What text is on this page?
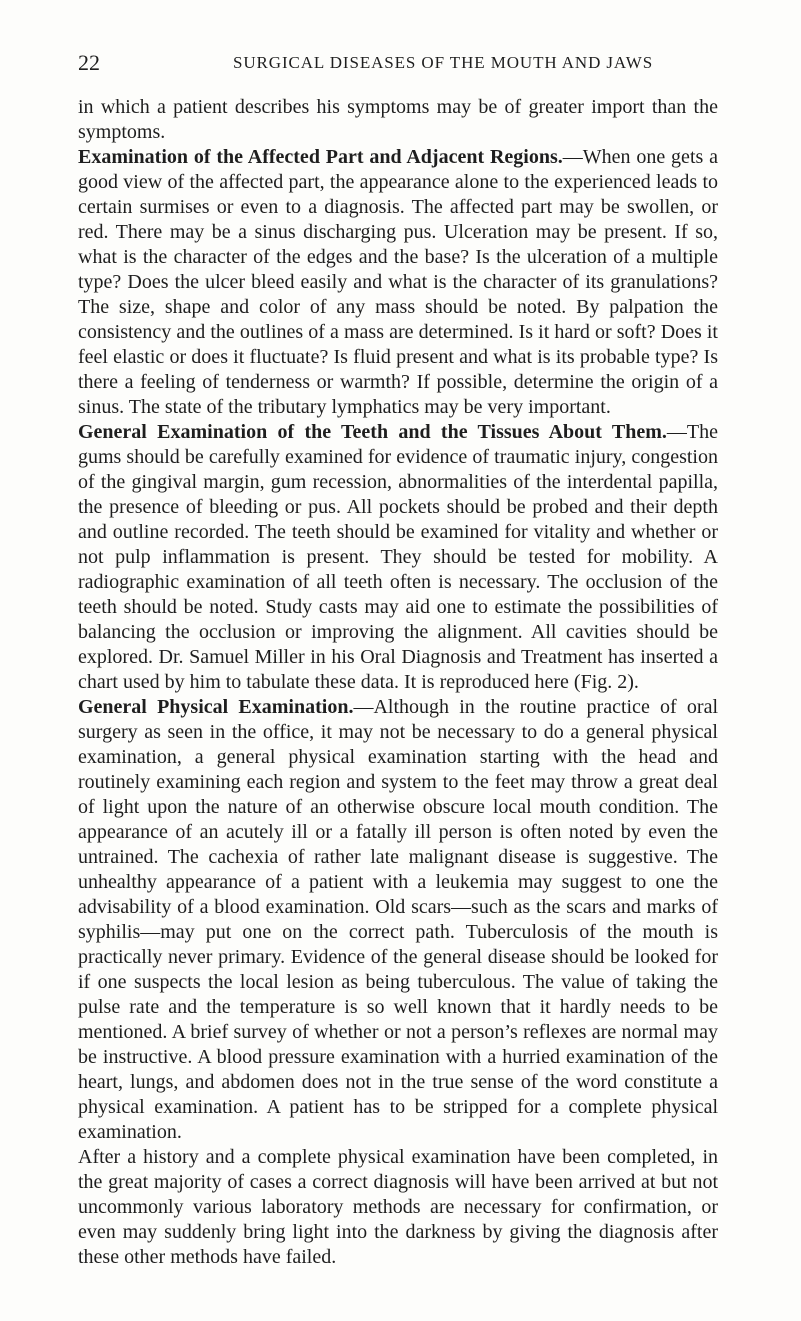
22	SURGICAL DISEASES OF THE MOUTH AND JAWS

in which a patient describes his symptoms may be of greater import than the symptoms.

Examination of the Affected Part and Adjacent Regions.—When one gets a good view of the affected part, the appearance alone to the experienced leads to certain surmises or even to a diagnosis. The affected part may be swollen, or red. There may be a sinus discharging pus. Ulceration may be present. If so, what is the character of the edges and the base? Is the ulceration of a multiple type? Does the ulcer bleed easily and what is the character of its granulations? The size, shape and color of any mass should be noted. By palpation the consistency and the outlines of a mass are determined. Is it hard or soft? Does it feel elastic or does it fluctuate? Is fluid present and what is its probable type? Is there a feeling of tenderness or warmth? If possible, determine the origin of a sinus. The state of the tributary lymphatics may be very important.

General Examination of the Teeth and the Tissues About Them.—The gums should be carefully examined for evidence of traumatic injury, congestion of the gingival margin, gum recession, abnormalities of the interdental papilla, the presence of bleeding or pus. All pockets should be probed and their depth and outline recorded. The teeth should be examined for vitality and whether or not pulp inflammation is present. They should be tested for mobility. A radiographic examination of all teeth often is necessary. The occlusion of the teeth should be noted. Study casts may aid one to estimate the possibilities of balancing the occlusion or improving the alignment. All cavities should be explored. Dr. Samuel Miller in his Oral Diagnosis and Treatment has inserted a chart used by him to tabulate these data. It is reproduced here (Fig. 2).

General Physical Examination.—Although in the routine practice of oral surgery as seen in the office, it may not be necessary to do a general physical examination, a general physical examination starting with the head and routinely examining each region and system to the feet may throw a great deal of light upon the nature of an otherwise obscure local mouth condition. The appearance of an acutely ill or a fatally ill person is often noted by even the untrained. The cachexia of rather late malignant disease is suggestive. The unhealthy appearance of a patient with a leukemia may suggest to one the advisability of a blood examination. Old scars—such as the scars and marks of syphilis—may put one on the correct path. Tuberculosis of the mouth is practically never primary. Evidence of the general disease should be looked for if one suspects the local lesion as being tuberculous. The value of taking the pulse rate and the temperature is so well known that it hardly needs to be mentioned. A brief survey of whether or not a person’s reflexes are normal may be instructive. A blood pressure examination with a hurried examination of the heart, lungs, and abdomen does not in the true sense of the word constitute a physical examination. A patient has to be stripped for a complete physical examination.

After a history and a complete physical examination have been completed, in the great majority of cases a correct diagnosis will have been arrived at but not uncommonly various laboratory methods are necessary for confirmation, or even may suddenly bring light into the darkness by giving the diagnosis after these other methods have failed.
